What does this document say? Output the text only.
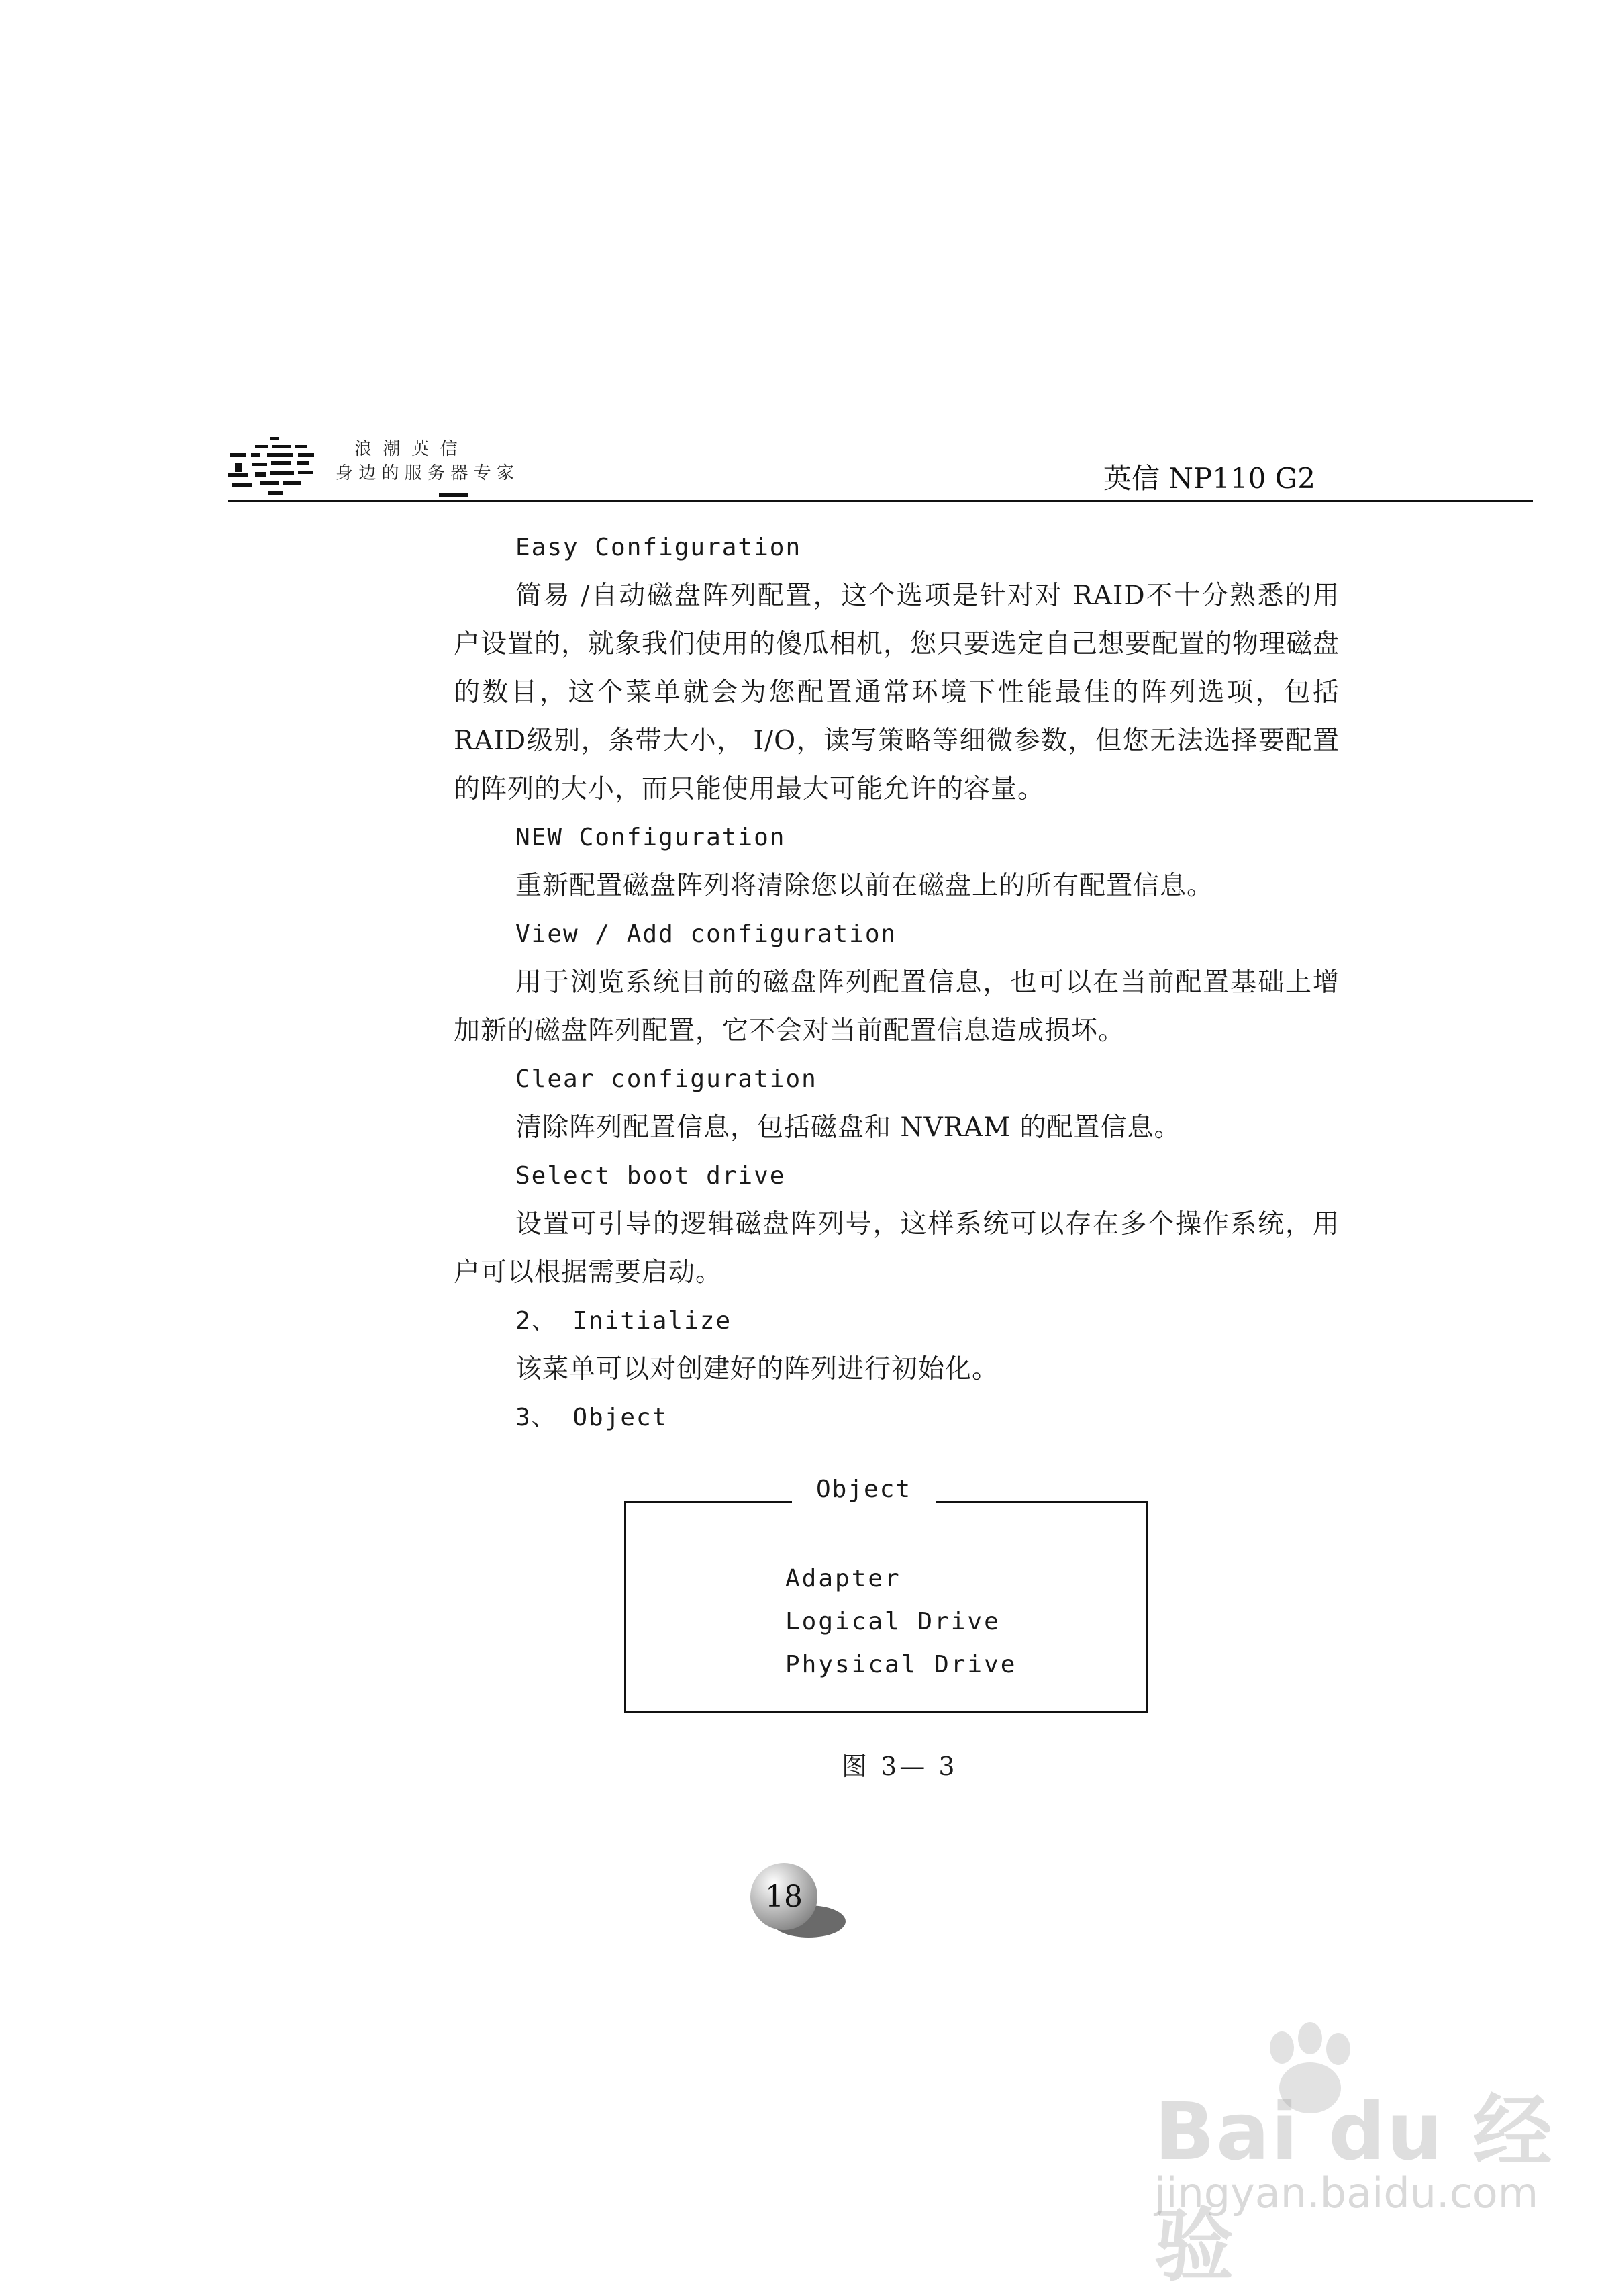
浪  潮  英  信
身 边 的 服 务 器 专 家	英信 NP110 G2

Easy Configuration

简易 /自动磁盘阵列配置，这个选项是针对对 RAID不十分熟悉的用户设置的，就象我们使用的傻瓜相机，您只要选定自己想要配置的物理磁盘的数目，这个菜单就会为您配置通常环境下性能最佳的阵列选项，包括 RAID级别，条带大小， I/O，读写策略等细微参数，但您无法选择要配置的阵列的大小，而只能使用最大可能允许的容量。

NEW Configuration

重新配置磁盘阵列将清除您以前在磁盘上的所有配置信息。

View / Add configuration

用于浏览系统目前的磁盘阵列配置信息，也可以在当前配置基础上增加新的磁盘阵列配置，它不会对当前配置信息造成损坏。

Clear configuration

清除阵列配置信息，包括磁盘和 NVRAM 的配置信息。

Select boot drive

设置可引导的逻辑磁盘阵列号，这样系统可以存在多个操作系统，用户可以根据需要启动。

2、 Initialize

该菜单可以对创建好的阵列进行初始化。

3、 Object

Object
Adapter
Logical Drive
Physical Drive
图 3— 3
18
Bai du 经验
jingyan.baidu.com
